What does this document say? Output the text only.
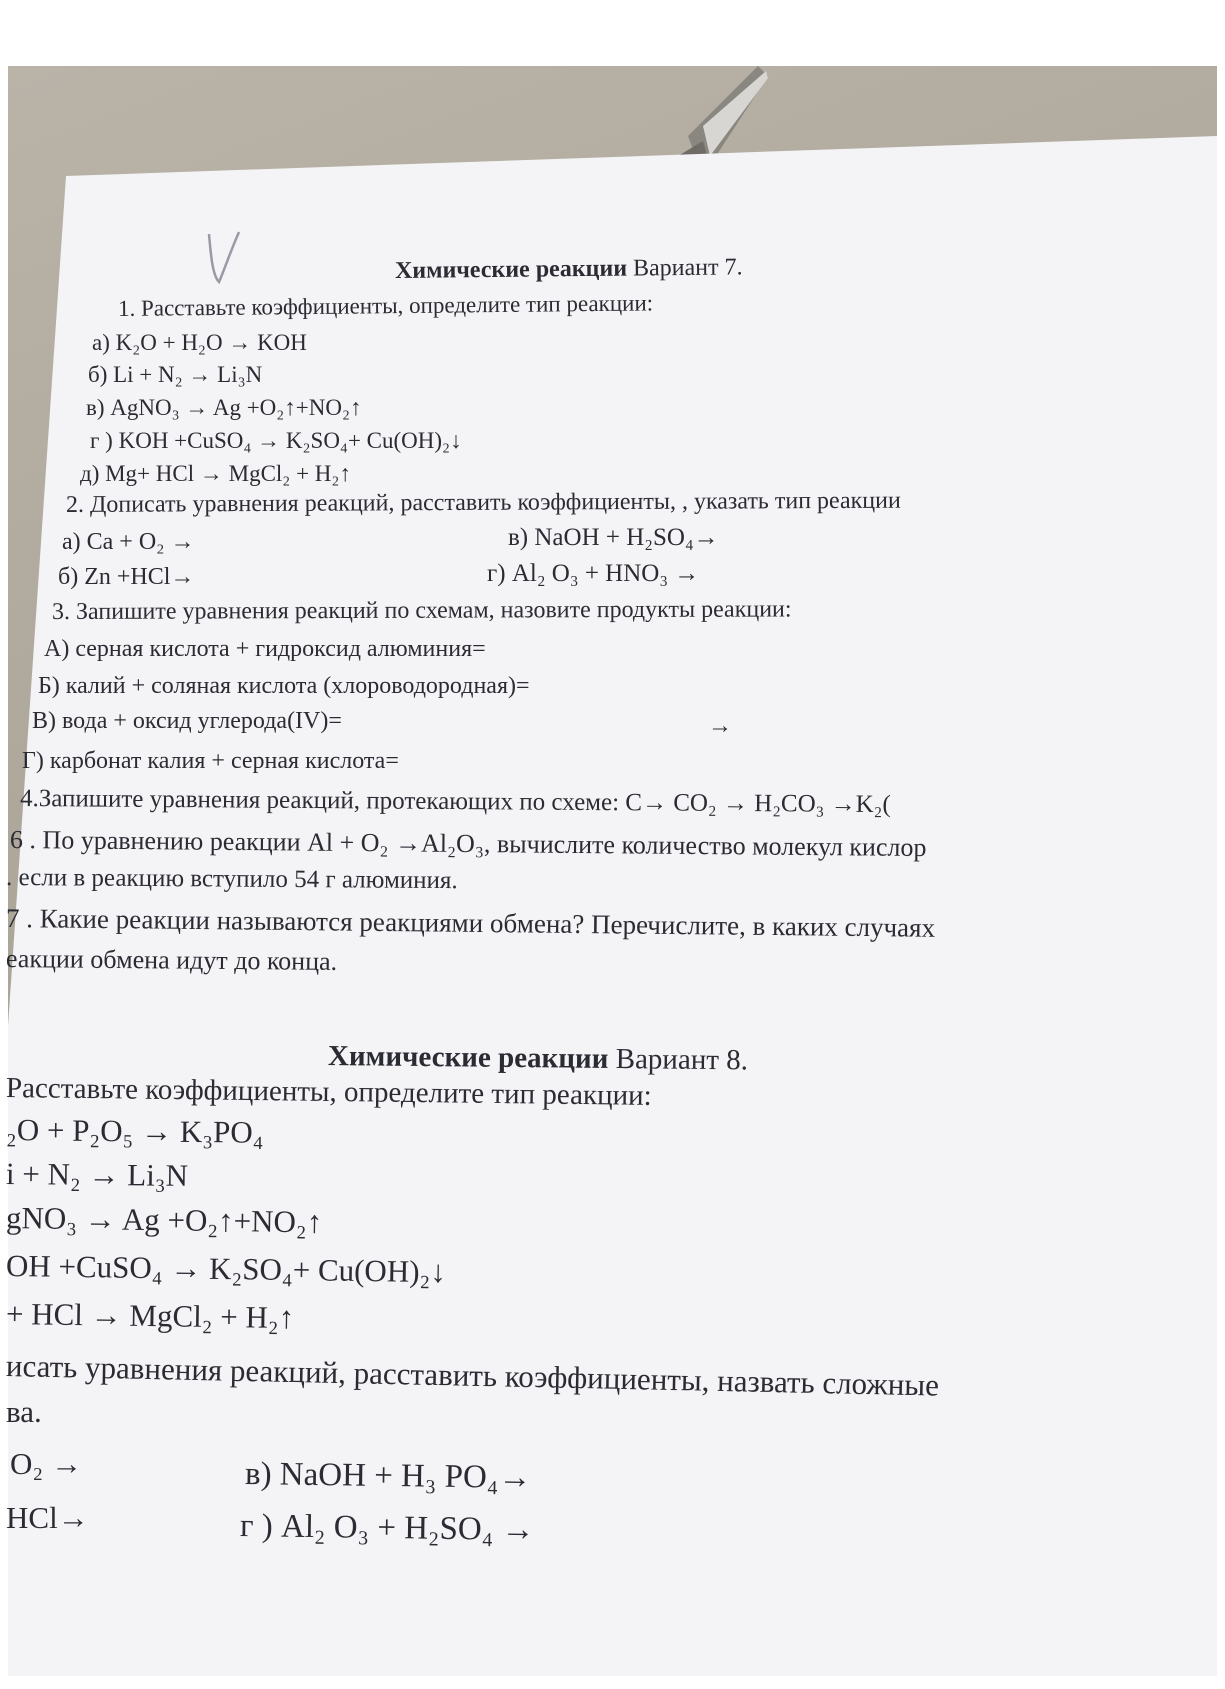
Химические реакции Вариант 7.
1. Расставьте коэффициенты, определите тип реакции:
а) K₂O + H₂O → KOH
б) Li + N₂ → Li₃N
в) AgNO₃ → Ag +O₂↑+NO₂↑
г ) KOH +CuSO₄ → K₂SO₄+ Cu(OH)₂↓
д) Mg+ HCl → MgCl₂ + H₂↑
2. Дописать уравнения реакций, расставить коэффициенты, , указать тип реакции
а) Ca + O₂ →
б) Zn +HCl→
в) NaOH + H₂SO₄→
г) Al₂ O₃ + HNO₃ →
3. Запишите уравнения реакций по схемам, назовите продукты реакции:
А) серная кислота + гидроксид алюминия=
Б) калий + соляная кислота (хлороводородная)=
В) вода + оксид углерода(IV)=	→
Г) карбонат калия + серная кислота=
4.Запишите уравнения реакций, протекающих по схеме: C→ CO₂ → H₂CO₃ →K₂(
6 . По уравнению реакции Al + O₂ →Al₂O₃, вычислите количество молекул кислор
. если в реакцию вступило 54 г алюминия.
7 . Какие реакции называются реакциями обмена? Перечислите, в каких случаях
еакции обмена идут до конца.
Химические реакции Вариант 8.
Расставьте коэффициенты, определите тип реакции:
₂O + P₂O₅ → K₃PO₄
i + N₂ → Li₃N
gNO₃ → Ag +O₂↑+NO₂↑
OH +CuSO₄ → K₂SO₄+ Cu(OH)₂↓
+ HCl → MgCl₂ + H₂↑
исать уравнения реакций, расставить коэффициенты, назвать сложные
ва.
O₂ →
HCl→
в) NaOH + H₃ PO₄→
г ) Al₂ O₃ + H₂SO₄ →
